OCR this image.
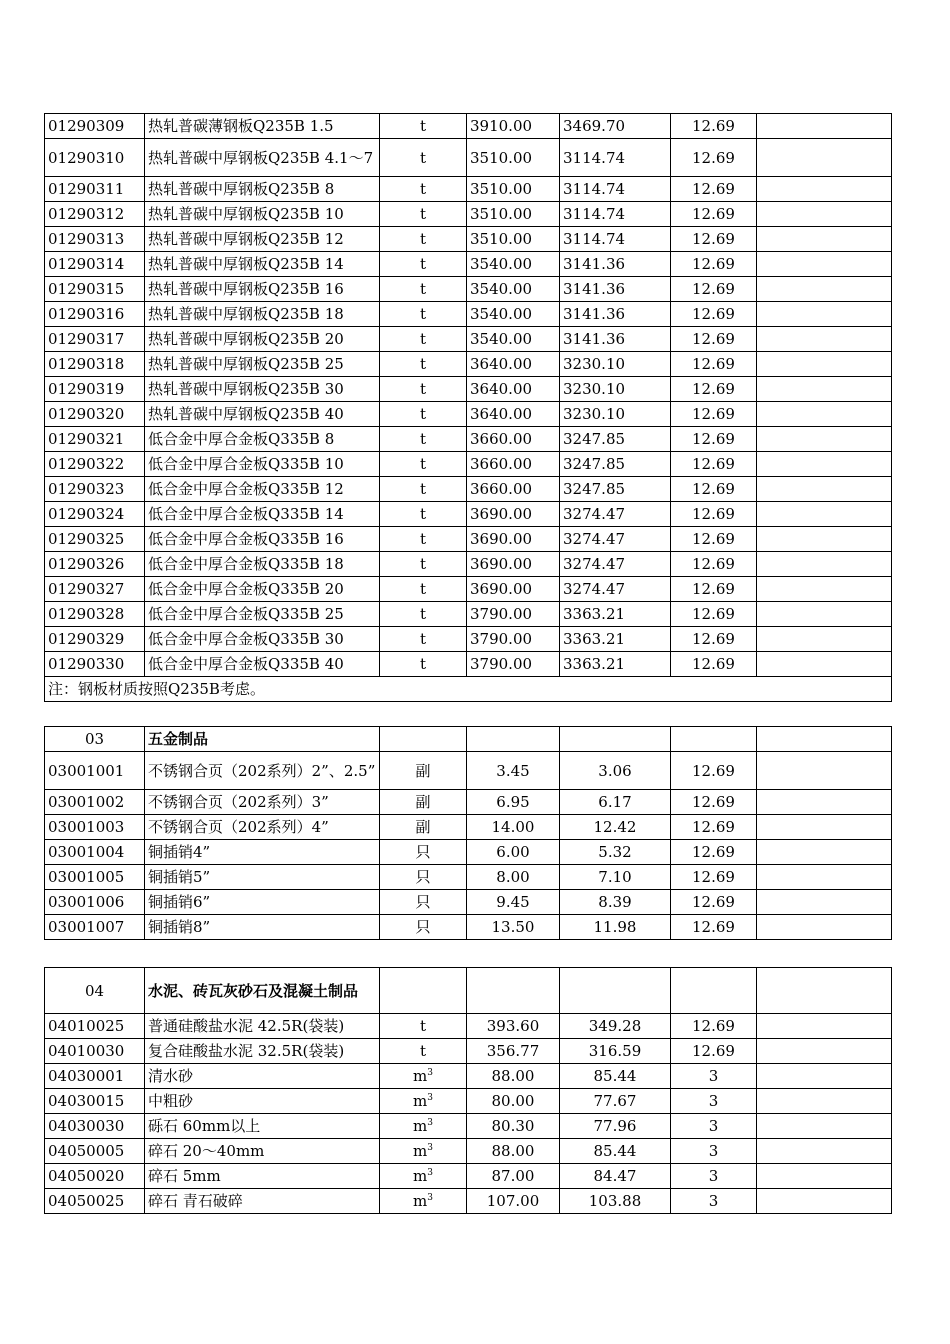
01290309	热轧普碳薄钢板Q235B 1.5	t	3910.00	3469.70	12.69	
01290310	热轧普碳中厚钢板Q235B 4.1～7	t	3510.00	3114.74	12.69	
01290311	热轧普碳中厚钢板Q235B 8	t	3510.00	3114.74	12.69	
01290312	热轧普碳中厚钢板Q235B 10	t	3510.00	3114.74	12.69	
01290313	热轧普碳中厚钢板Q235B 12	t	3510.00	3114.74	12.69	
01290314	热轧普碳中厚钢板Q235B 14	t	3540.00	3141.36	12.69	
01290315	热轧普碳中厚钢板Q235B 16	t	3540.00	3141.36	12.69	
01290316	热轧普碳中厚钢板Q235B 18	t	3540.00	3141.36	12.69	
01290317	热轧普碳中厚钢板Q235B 20	t	3540.00	3141.36	12.69	
01290318	热轧普碳中厚钢板Q235B 25	t	3640.00	3230.10	12.69	
01290319	热轧普碳中厚钢板Q235B 30	t	3640.00	3230.10	12.69	
01290320	热轧普碳中厚钢板Q235B 40	t	3640.00	3230.10	12.69	
01290321	低合金中厚合金板Q335B 8	t	3660.00	3247.85	12.69	
01290322	低合金中厚合金板Q335B 10	t	3660.00	3247.85	12.69	
01290323	低合金中厚合金板Q335B 12	t	3660.00	3247.85	12.69	
01290324	低合金中厚合金板Q335B 14	t	3690.00	3274.47	12.69	
01290325	低合金中厚合金板Q335B 16	t	3690.00	3274.47	12.69	
01290326	低合金中厚合金板Q335B 18	t	3690.00	3274.47	12.69	
01290327	低合金中厚合金板Q335B 20	t	3690.00	3274.47	12.69	
01290328	低合金中厚合金板Q335B 25	t	3790.00	3363.21	12.69	
01290329	低合金中厚合金板Q335B 30	t	3790.00	3363.21	12.69	
01290330	低合金中厚合金板Q335B 40	t	3790.00	3363.21	12.69	
注：钢板材质按照Q235B考虑。						
03	五金制品					
03001001	不锈钢合页（202系列）2”、2.5”	副	3.45	3.06	12.69	
03001002	不锈钢合页（202系列）3”	副	6.95	6.17	12.69	
03001003	不锈钢合页（202系列）4”	副	14.00	12.42	12.69	
03001004	铜插销4”	只	6.00	5.32	12.69	
03001005	铜插销5”	只	8.00	7.10	12.69	
03001006	铜插销6”	只	9.45	8.39	12.69	
03001007	铜插销8”	只	13.50	11.98	12.69	
04	水泥、砖瓦灰砂石及混凝土制品					
04010025	普通硅酸盐水泥 42.5R(袋装)	t	393.60	349.28	12.69	
04010030	复合硅酸盐水泥 32.5R(袋装)	t	356.77	316.59	12.69	
04030001	清水砂	$m^3$	88.00	85.44	3	
04030015	中粗砂	$m^3$	80.00	77.67	3	
04030030	砾石 60mm以上	$m^3$	80.30	77.96	3	
04050005	碎石 20～40mm	$m^3$	88.00	85.44	3	
04050020	碎石 5mm	$m^3$	87.00	84.47	3	
04050025	碎石 青石破碎	$m^3$	107.00	103.88	3	
